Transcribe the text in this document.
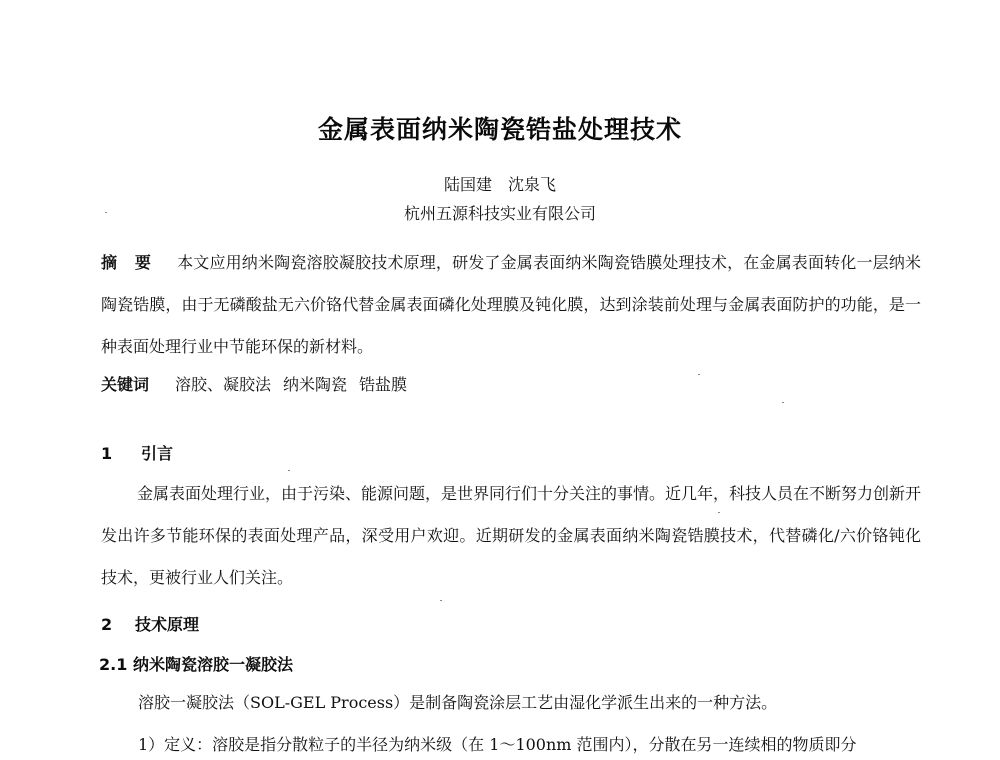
金属表面纳米陶瓷锆盐处理技术
陆国建 沈泉飞
杭州五源科技实业有限公司
摘 要 本文应用纳米陶瓷溶胶凝胶技术原理，研发了金属表面纳米陶瓷锆膜处理技术，在金属表面转化一层纳米陶瓷锆膜，由于无磷酸盐无六价铬代替金属表面磷化处理膜及钝化膜，达到涂装前处理与金属表面防护的功能，是一种表面处理行业中节能环保的新材料。
关键词 溶胶、凝胶法 纳米陶瓷 锆盐膜
1 引言
金属表面处理行业，由于污染、能源问题，是世界同行们十分关注的事情。近几年，科技人员在不断努力创新开发出许多节能环保的表面处理产品，深受用户欢迎。近期研发的金属表面纳米陶瓷锆膜技术，代替磷化/六价铬钝化技术，更被行业人们关注。
2 技术原理
2.1 纳米陶瓷溶胶一凝胶法
溶胶一凝胶法（SOL-GEL Process）是制备陶瓷涂层工艺由湿化学派生出来的一种方法。
1）定义：溶胶是指分散粒子的半径为纳米级（在 1～100nm 范围内），分散在另一连续相的物质即分
